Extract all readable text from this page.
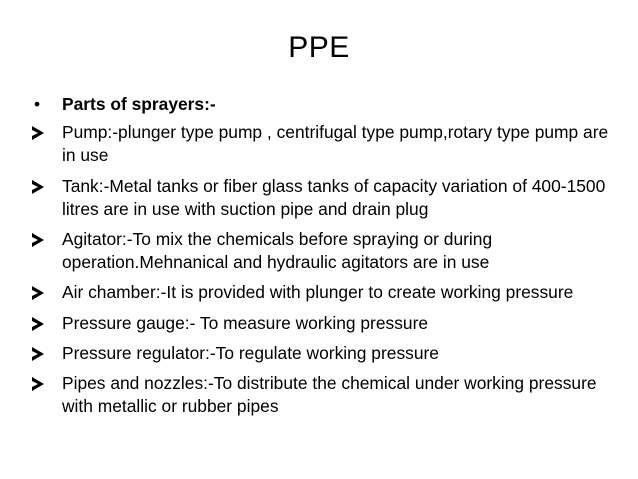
PPE
• Parts of sprayers:-
Pump:-plunger type pump , centrifugal type pump,rotary type pump are in use
Tank:-Metal tanks or fiber glass tanks of capacity variation of 400-1500 litres are in use with suction pipe and drain plug
Agitator:-To mix the chemicals before spraying or during operation.Mehnanical and hydraulic agitators are in use
Air chamber:-It is provided with plunger to create working pressure
Pressure gauge:- To measure working pressure
Pressure regulator:-To regulate working pressure
Pipes and nozzles:-To distribute the chemical under working pressure with metallic or rubber pipes
